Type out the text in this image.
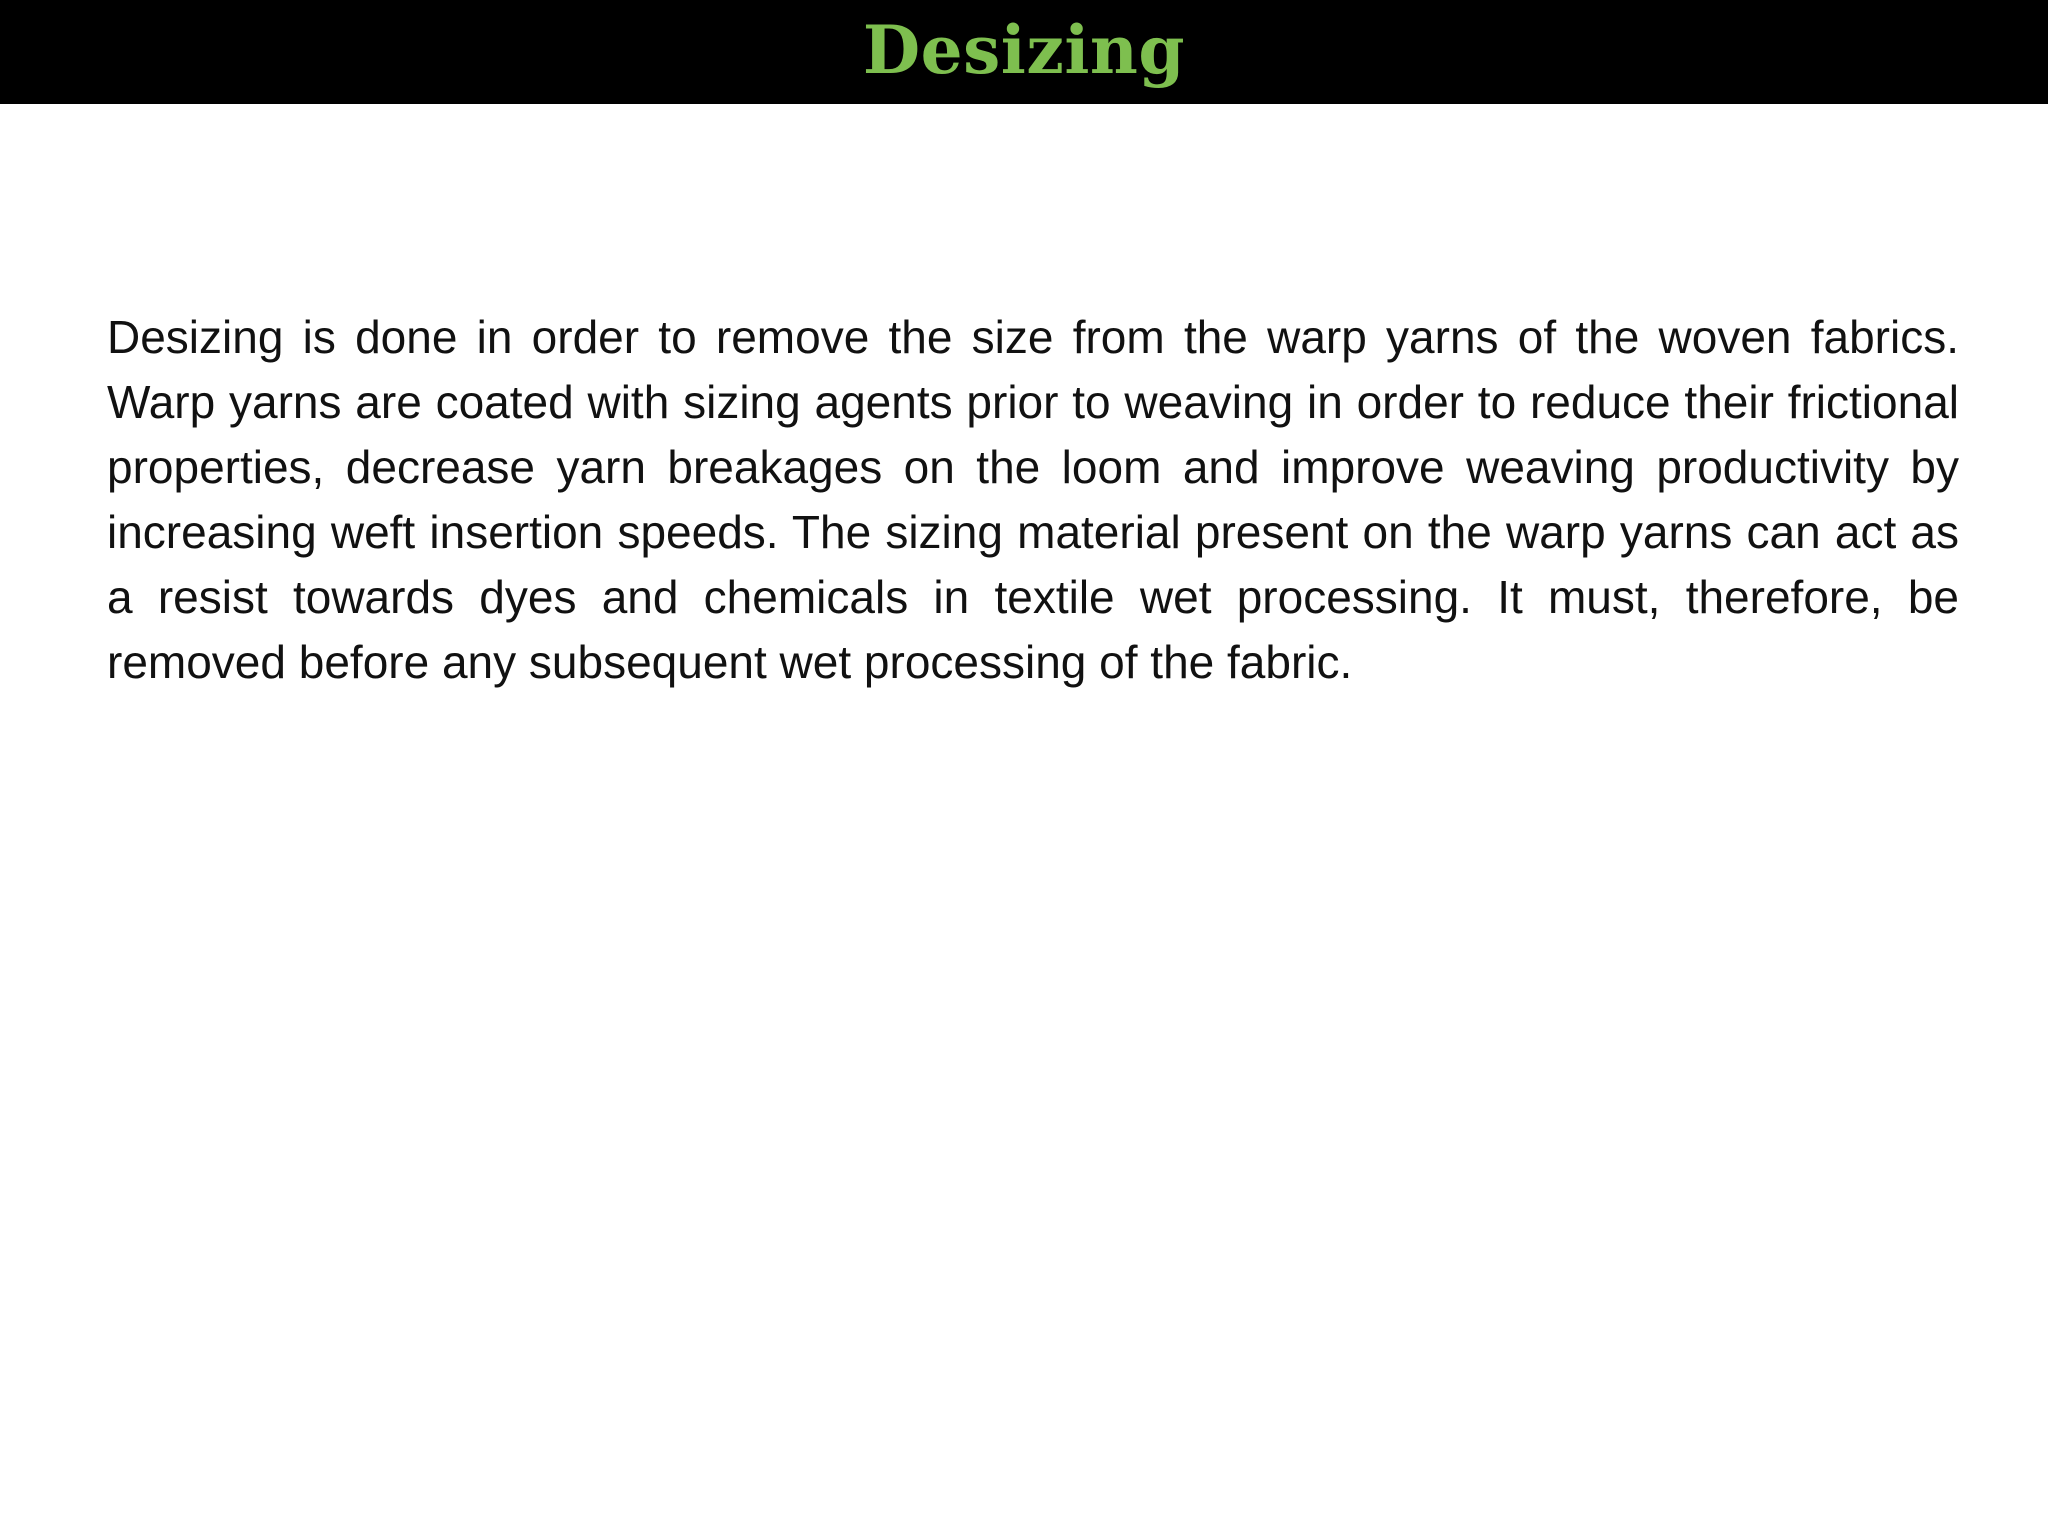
Desizing

Desizing is done in order to remove the size from the warp yarns of the woven fabrics. Warp yarns are coated with sizing agents prior to weaving in order to reduce their frictional properties, decrease yarn breakages on the loom and improve weaving productivity by increasing weft insertion speeds. The sizing material present on the warp yarns can act as a resist towards dyes and chemicals in textile wet processing. It must, therefore, be removed before any subsequent wet processing of the fabric.
